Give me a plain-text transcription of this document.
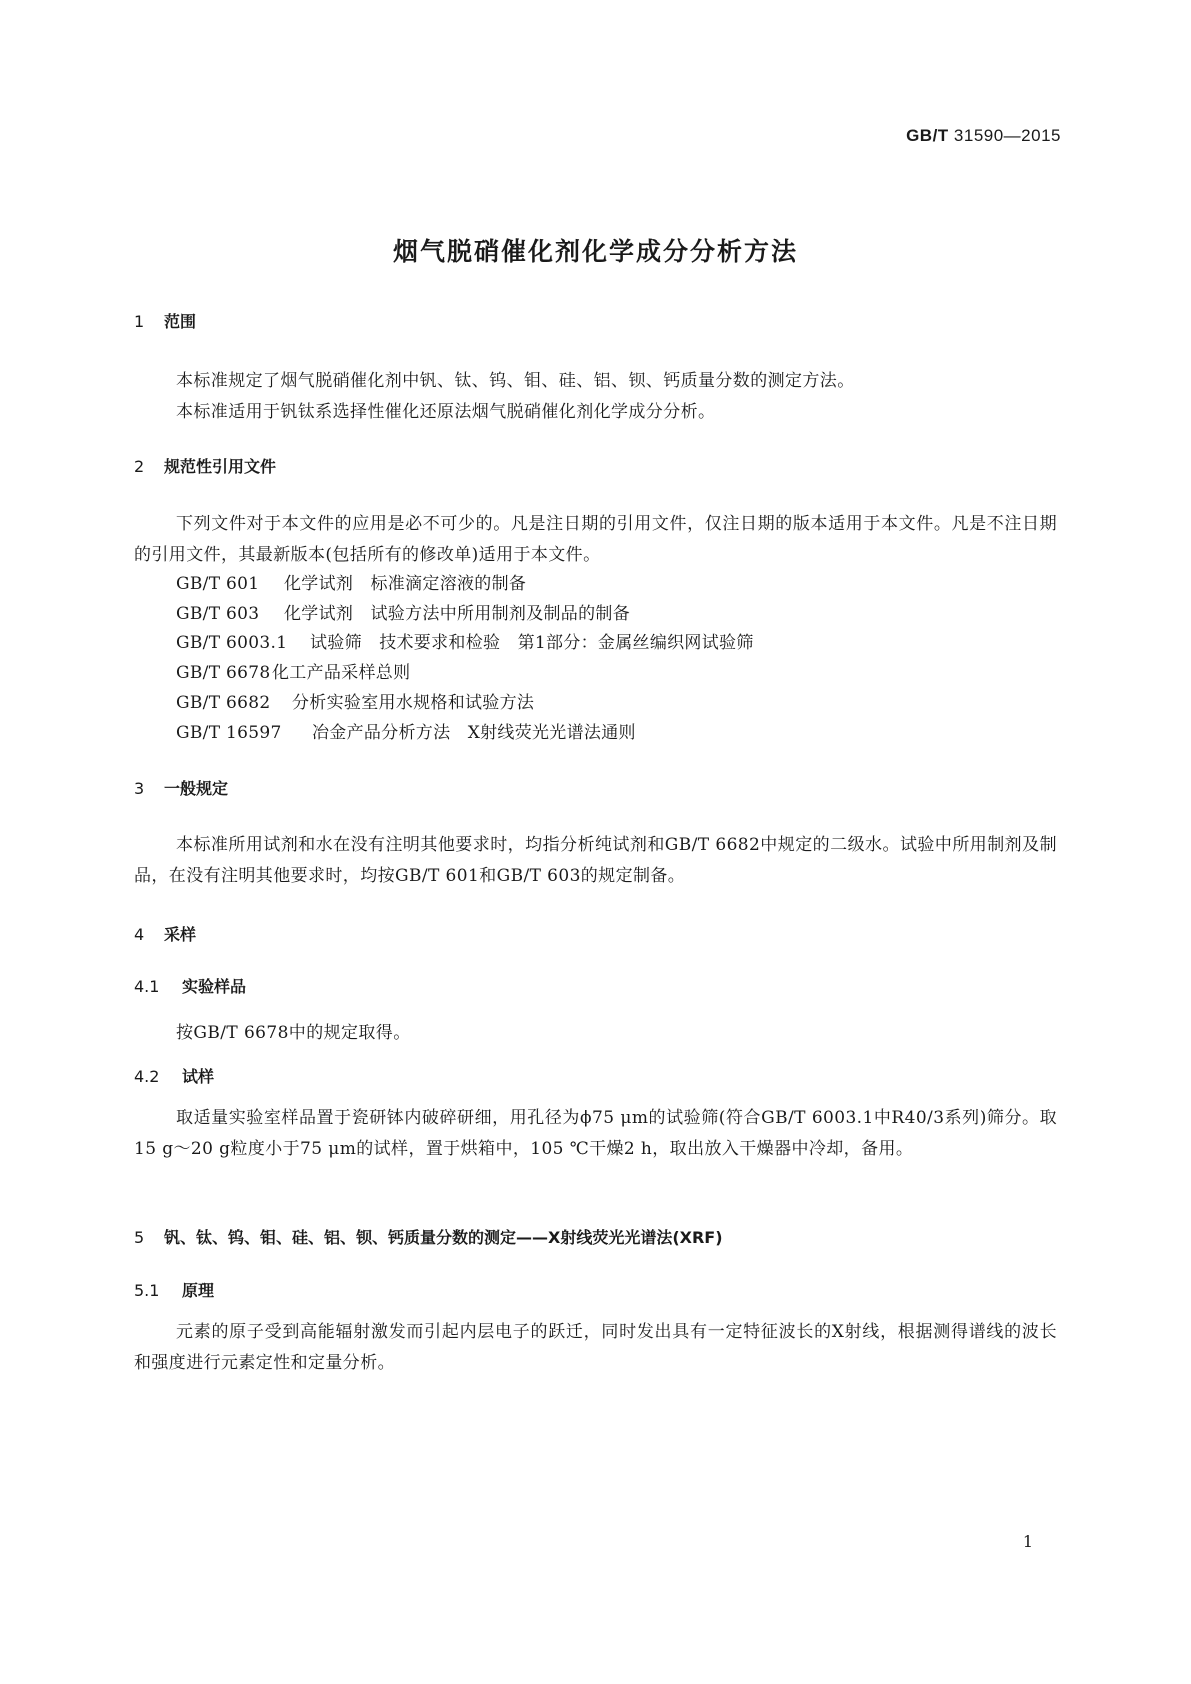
GB/T 31590—2015
烟气脱硝催化剂化学成分分析方法
1 范围
本标准规定了烟气脱硝催化剂中钒、钛、钨、钼、硅、铝、钡、钙质量分数的测定方法。
本标准适用于钒钛系选择性催化还原法烟气脱硝催化剂化学成分分析。
2 规范性引用文件
下列文件对于本文件的应用是必不可少的。凡是注日期的引用文件，仅注日期的版本适用于本文件。凡是不注日期的引用文件，其最新版本(包括所有的修改单)适用于本文件。
GB/T 601 化学试剂　标准滴定溶液的制备
GB/T 603 化学试剂　试验方法中所用制剂及制品的制备
GB/T 6003.1 试验筛　技术要求和检验　第1部分：金属丝编织网试验筛
GB/T 6678化工产品采样总则
GB/T 6682 分析实验室用水规格和试验方法
GB/T 16597 冶金产品分析方法　X射线荧光光谱法通则
3 一般规定
本标准所用试剂和水在没有注明其他要求时，均指分析纯试剂和GB/T 6682中规定的二级水。试验中所用制剂及制品，在没有注明其他要求时，均按GB/T 601和GB/T 603的规定制备。
4 采样
4.1 实验样品
按GB/T 6678中的规定取得。
4.2 试样
取适量实验室样品置于瓷研钵内破碎研细，用孔径为ϕ75 μm的试验筛(符合GB/T 6003.1中R40/3系列)筛分。取15 g～20 g粒度小于75 μm的试样，置于烘箱中，105 ℃干燥2 h，取出放入干燥器中冷却，备用。
5 钒、钛、钨、钼、硅、铝、钡、钙质量分数的测定——X射线荧光光谱法(XRF)
5.1 原理
元素的原子受到高能辐射激发而引起内层电子的跃迁，同时发出具有一定特征波长的X射线，根据测得谱线的波长和强度进行元素定性和定量分析。
1
